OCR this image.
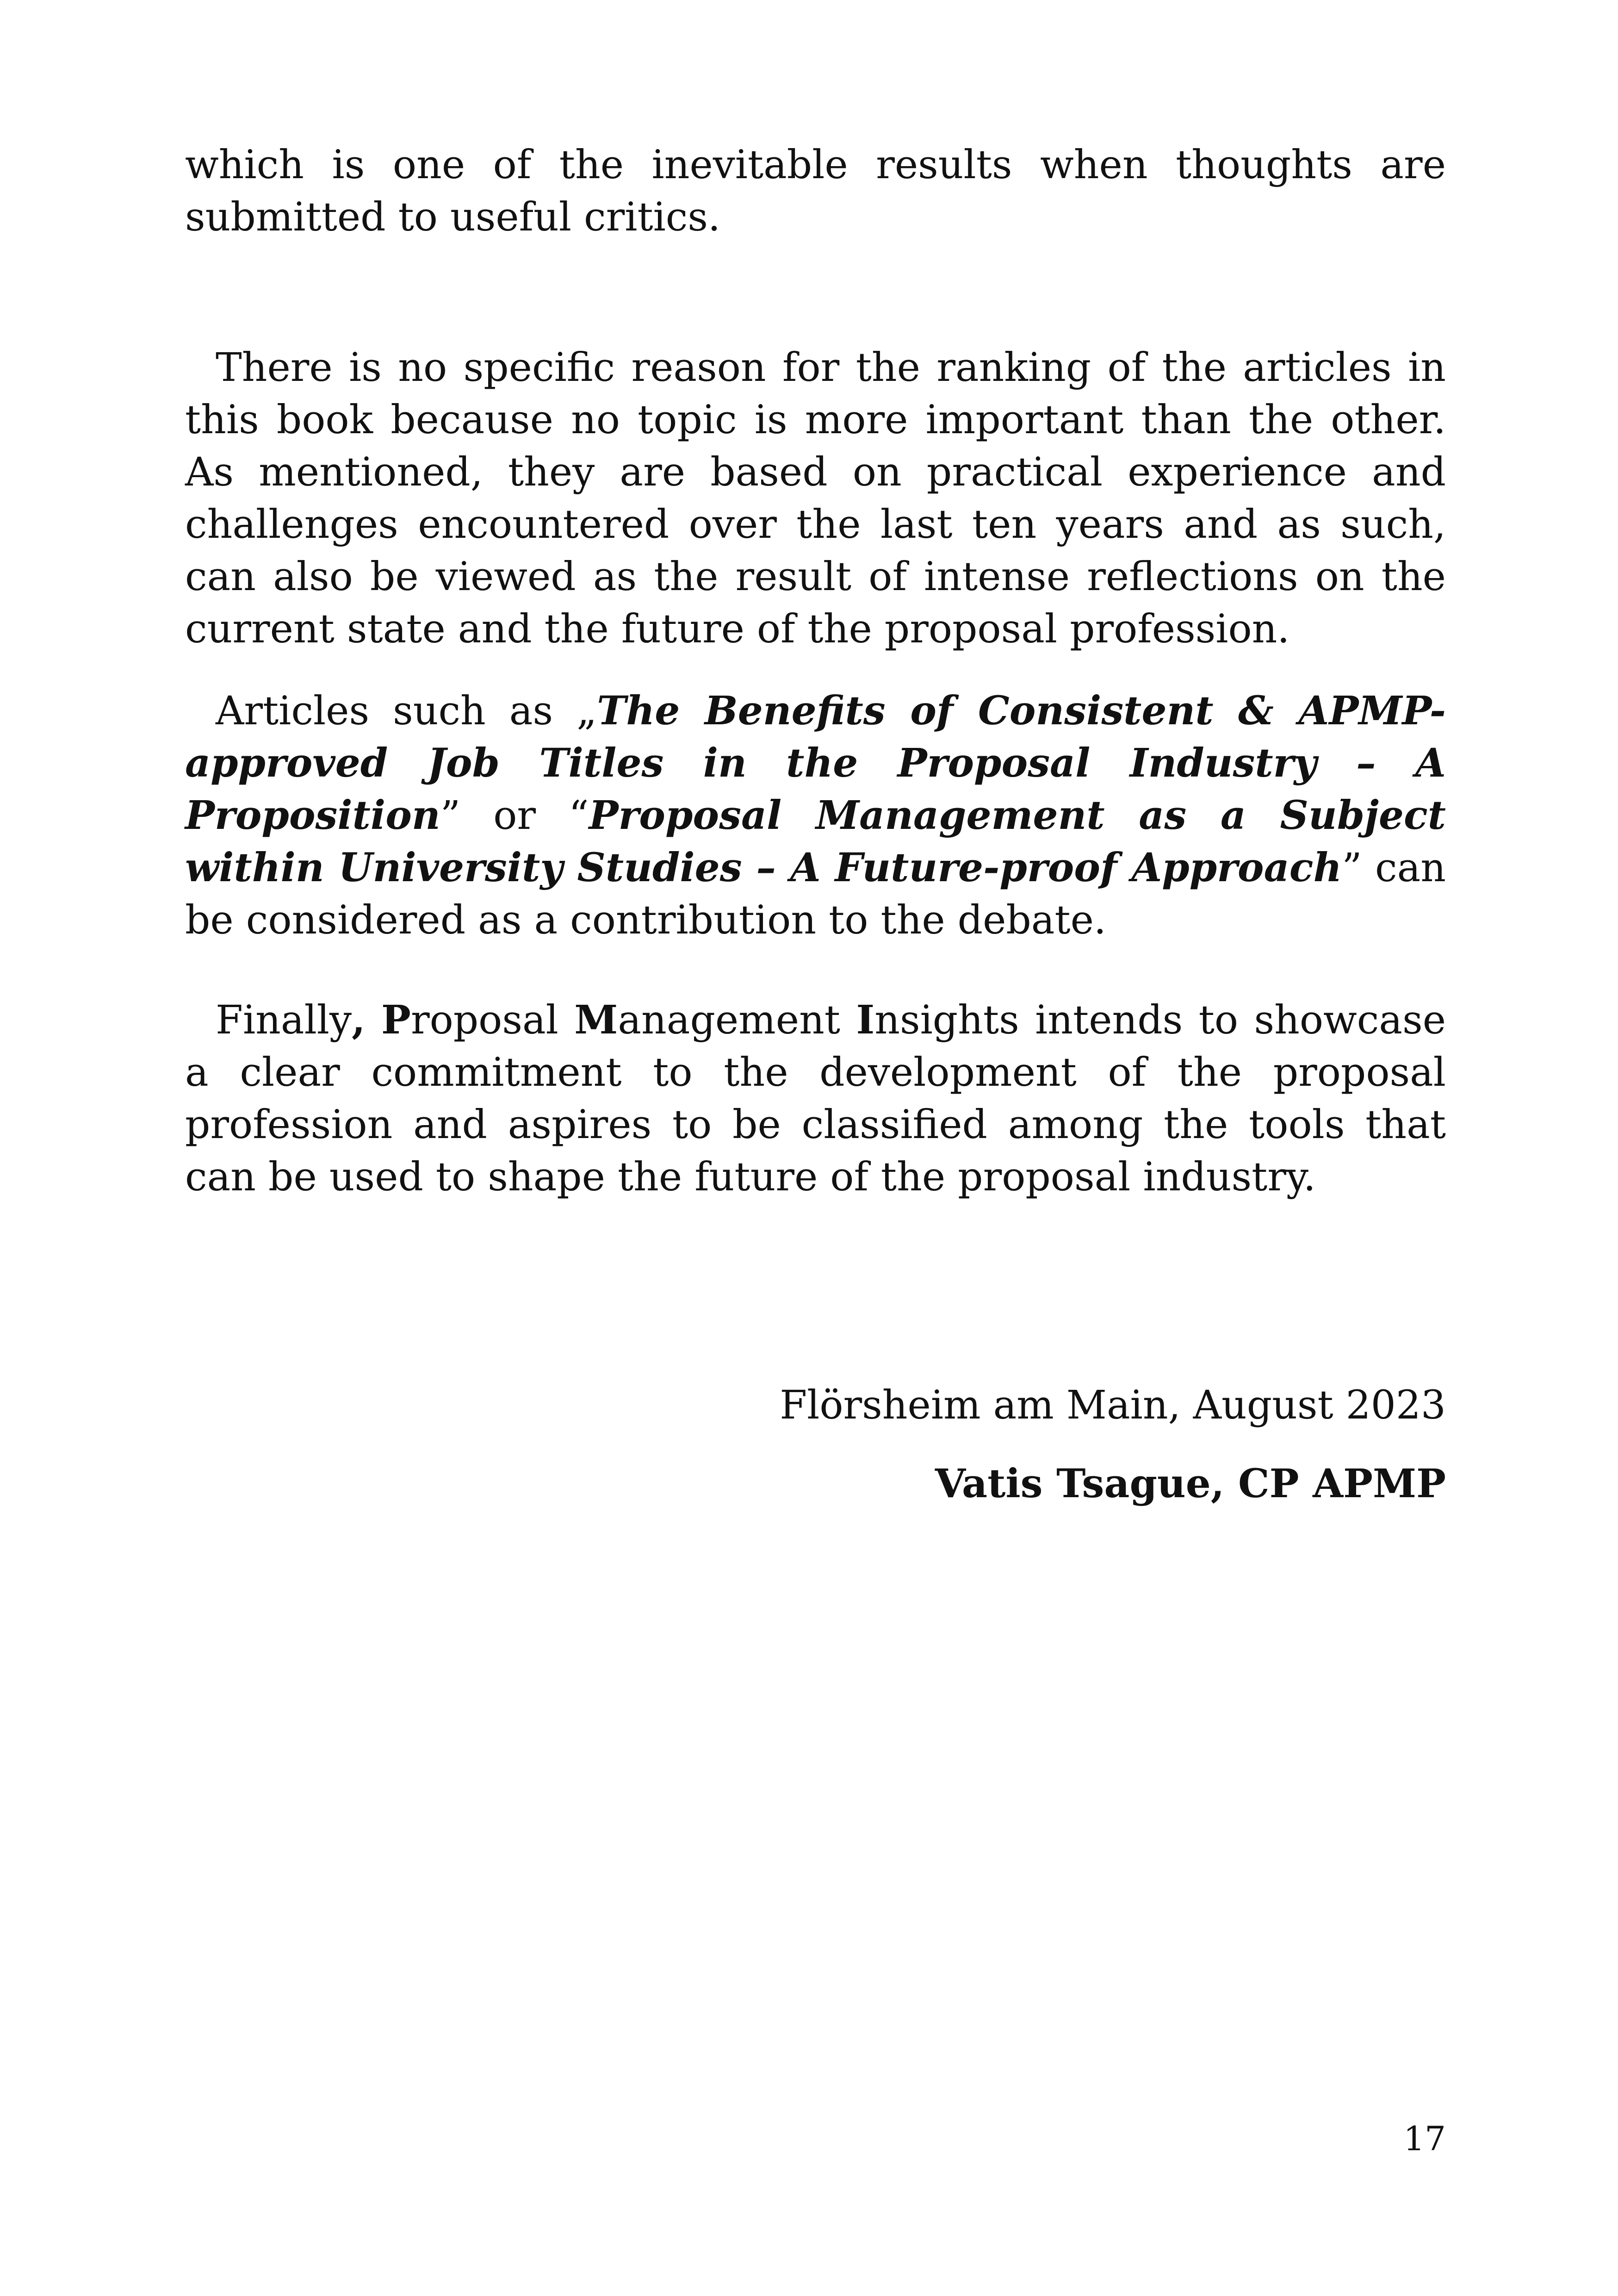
which is one of the inevitable results when thoughts are submitted to useful critics.

There is no specific reason for the ranking of the articles in this book because no topic is more important than the other. As mentioned, they are based on practical experience and challenges encountered over the last ten years and as such, can also be viewed as the result of intense reflections on the current state and the future of the proposal profession.

Articles such as „The Benefits of Consistent & APMP-approved Job Titles in the Proposal Industry – A Proposition” or “Proposal Management as a Subject within University Studies – A Future-proof Approach” can be considered as a contribution to the debate.

Finally, Proposal Management Insights intends to showcase a clear commitment to the development of the proposal profession and aspires to be classified among the tools that can be used to shape the future of the proposal industry.

Flörsheim am Main, August 2023
Vatis Tsague, CP APMP
17
